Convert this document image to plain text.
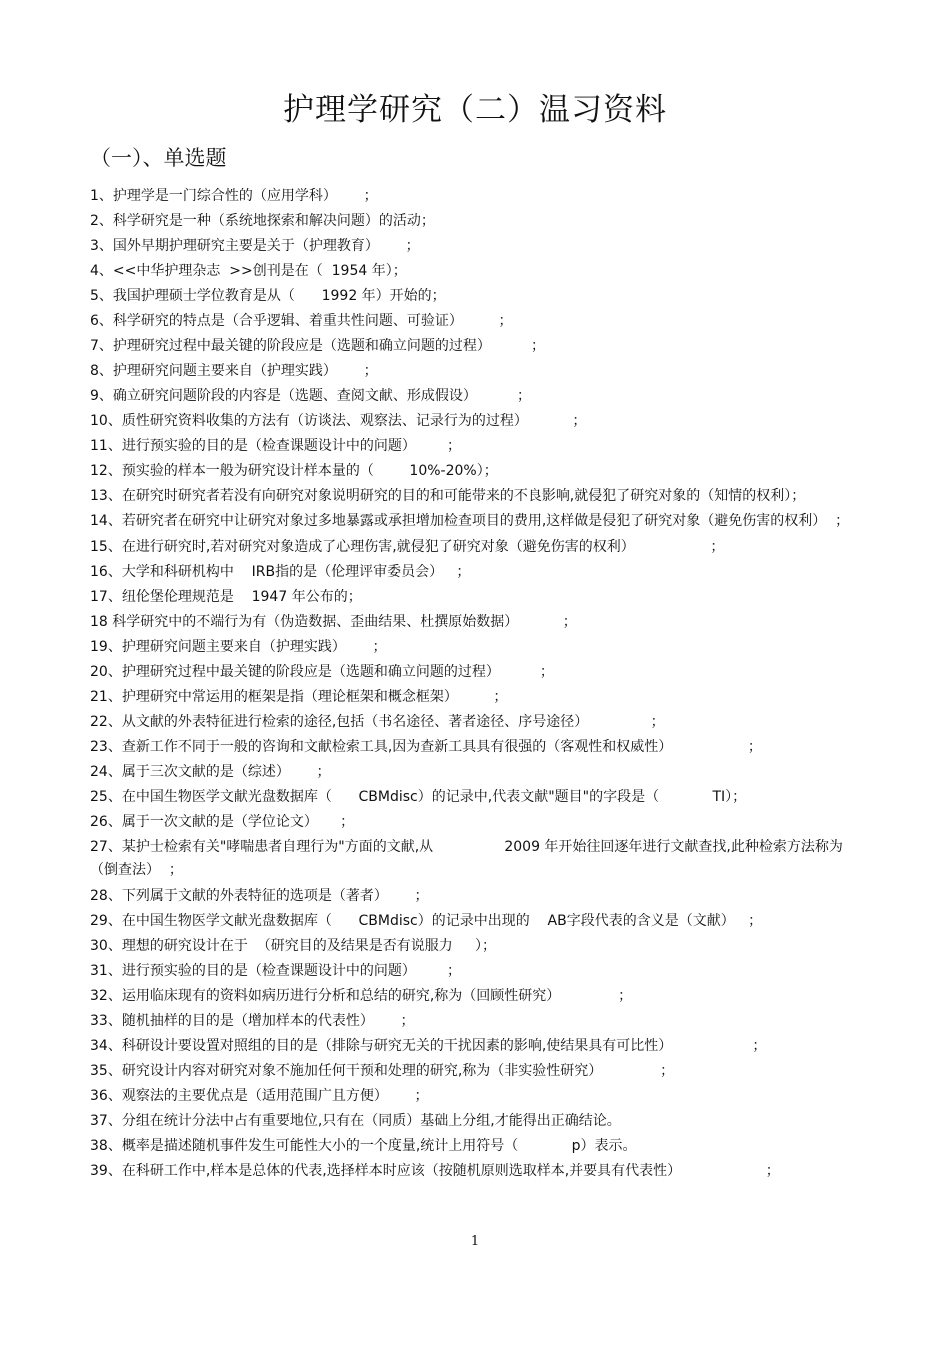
护理学研究（二）温习资料
（一）、单选题
1、护理学是一门综合性的（应用学科）      ；
2、科学研究是一种（系统地探索和解决问题）的活动；
3、国外早期护理研究主要是关于（护理教育）      ；
4、<<中华护理杂志  >>创刊是在（  1954 年）；
5、我国护理硕士学位教育是从（      1992 年）开始的；
6、科学研究的特点是（合乎逻辑、着重共性问题、可验证）        ；
7、护理研究过程中最关键的阶段应是（选题和确立问题的过程）         ；
8、护理研究问题主要来自（护理实践）      ；
9、确立研究问题阶段的内容是（选题、查阅文献、形成假设）         ；
10、质性研究资料收集的方法有（访谈法、观察法、记录行为的过程）          ；
11、进行预实验的目的是（检查课题设计中的问题）       ；
12、预实验的样本一般为研究设计样本量的（        10%-20%）；
13、在研究时研究者若没有向研究对象说明研究的目的和可能带来的不良影响,就侵犯了研究对象的（知情的权利）；
14、若研究者在研究中让研究对象过多地暴露或承担增加检查项目的费用,这样做是侵犯了研究对象（避免伤害的权利）  ；
15、在进行研究时,若对研究对象造成了心理伤害,就侵犯了研究对象（避免伤害的权利）                 ；
16、大学和科研机构中    IRB指的是（伦理评审委员会）   ；
17、纽伦堡伦理规范是    1947 年公布的；
18 科学研究中的不端行为有（伪造数据、歪曲结果、杜撰原始数据）          ；
19、护理研究问题主要来自（护理实践）      ；
20、护理研究过程中最关键的阶段应是（选题和确立问题的过程）         ；
21、护理研究中常运用的框架是指（理论框架和概念框架）        ；
22、从文献的外表特征进行检索的途径,包括（书名途径、著者途径、序号途径）              ；
23、查新工作不同于一般的咨询和文献检索工具,因为查新工具具有很强的（客观性和权威性）                 ；
24、属于三次文献的是（综述）      ；
25、在中国生物医学文献光盘数据库（      CBMdisc）的记录中,代表文献"题目"的字段是（            TI）；
26、属于一次文献的是（学位论文）     ；
27、某护士检索有关"哮喘患者自理行为"方面的文献,从                2009 年开始往回逐年进行文献查找,此种检索方法称为（倒查法）  ；
28、下列属于文献的外表特征的选项是（著者）      ；
29、在中国生物医学文献光盘数据库（      CBMdisc）的记录中出现的    AB字段代表的含义是（文献）   ；
30、理想的研究设计在于  （研究目的及结果是否有说服力     ）；
31、进行预实验的目的是（检查课题设计中的问题）       ；
32、运用临床现有的资料如病历进行分析和总结的研究,称为（回顾性研究）             ；
33、随机抽样的目的是（增加样本的代表性）      ；
34、科研设计要设置对照组的目的是（排除与研究无关的干扰因素的影响,使结果具有可比性）                  ；
35、研究设计内容对研究对象不施加任何干预和处理的研究,称为（非实验性研究）             ；
36、观察法的主要优点是（适用范围广且方便）      ；
37、分组在统计分法中占有重要地位,只有在（同质）基础上分组,才能得出正确结论。
38、概率是描述随机事件发生可能性大小的一个度量,统计上用符号（            p）表示。
39、在科研工作中,样本是总体的代表,选择样本时应该（按随机原则选取样本,并要具有代表性）                   ；
1
